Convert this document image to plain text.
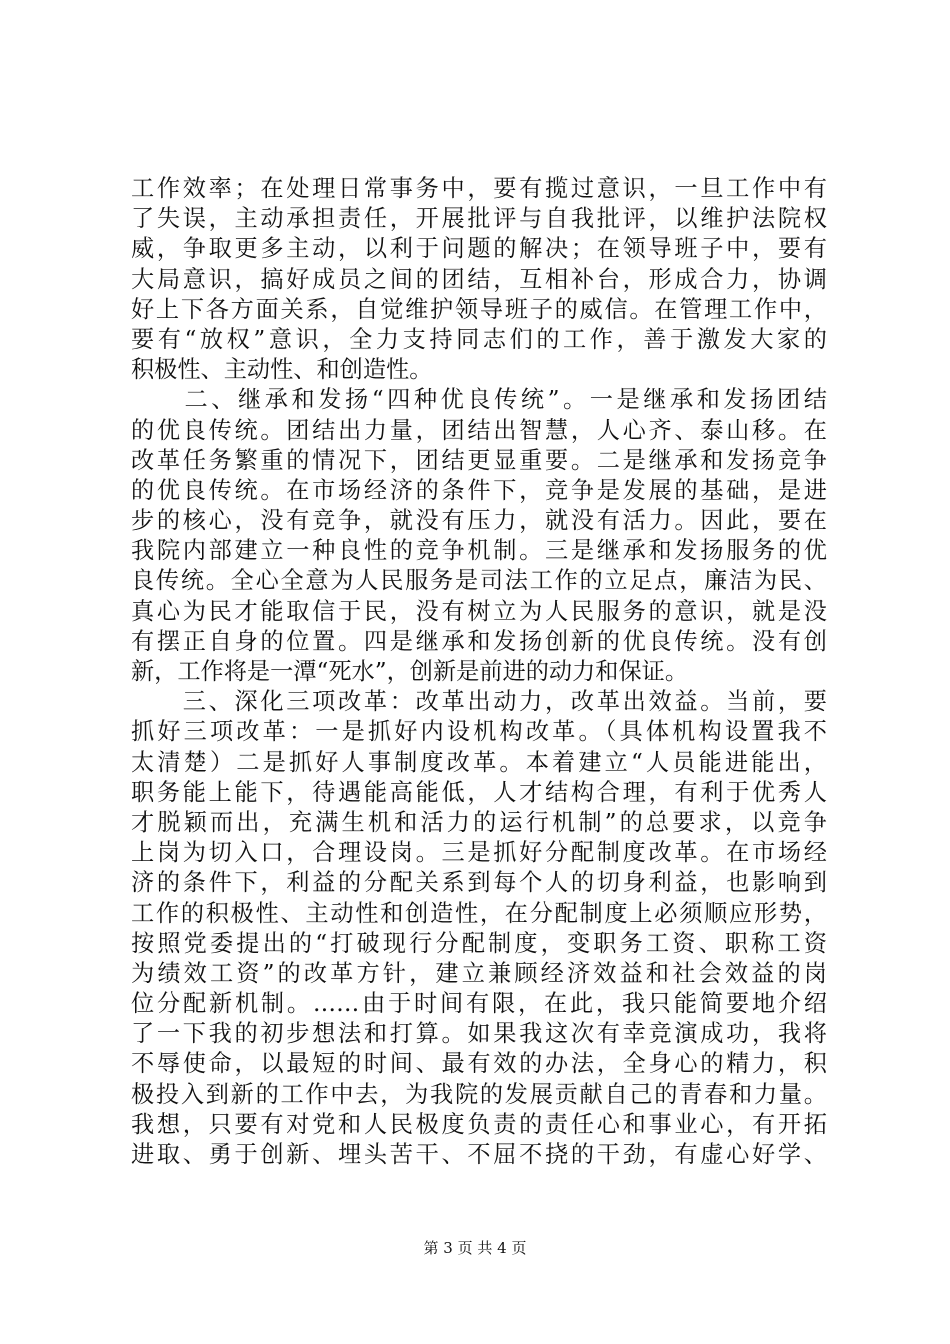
工作效率；在处理日常事务中，要有揽过意识，一旦工作中有
了失误，主动承担责任，开展批评与自我批评，以维护法院权
威，争取更多主动，以利于问题的解决；在领导班子中，要有
大局意识，搞好成员之间的团结，互相补台，形成合力，协调
好上下各方面关系，自觉维护领导班子的威信。在管理工作中，
要有“放权”意识，全力支持同志们的工作，善于激发大家的
积极性、主动性、和创造性。
　　二、继承和发扬“四种优良传统”。一是继承和发扬团结
的优良传统。团结出力量，团结出智慧，人心齐、泰山移。在
改革任务繁重的情况下，团结更显重要。二是继承和发扬竞争
的优良传统。在市场经济的条件下，竞争是发展的基础，是进
步的核心，没有竞争，就没有压力，就没有活力。因此，要在
我院内部建立一种良性的竞争机制。三是继承和发扬服务的优
良传统。全心全意为人民服务是司法工作的立足点，廉洁为民、
真心为民才能取信于民，没有树立为人民服务的意识，就是没
有摆正自身的位置。四是继承和发扬创新的优良传统。没有创
新，工作将是一潭“死水”，创新是前进的动力和保证。
　　三、深化三项改革：改革出动力，改革出效益。当前，要
抓好三项改革：一是抓好内设机构改革。（具体机构设置我不
太清楚）二是抓好人事制度改革。本着建立“人员能进能出，
职务能上能下，待遇能高能低，人才结构合理，有利于优秀人
才脱颖而出，充满生机和活力的运行机制”的总要求，以竞争
上岗为切入口，合理设岗。三是抓好分配制度改革。在市场经
济的条件下，利益的分配关系到每个人的切身利益，也影响到
工作的积极性、主动性和创造性，在分配制度上必须顺应形势，
按照党委提出的“打破现行分配制度，变职务工资、职称工资
为绩效工资”的改革方针，建立兼顾经济效益和社会效益的岗
位分配新机制。……由于时间有限，在此，我只能简要地介绍
了一下我的初步想法和打算。如果我这次有幸竞演成功，我将
不辱使命，以最短的时间、最有效的办法，全身心的精力，积
极投入到新的工作中去，为我院的发展贡献自己的青春和力量。
我想，只要有对党和人民极度负责的责任心和事业心，有开拓
进取、勇于创新、埋头苦干、不屈不挠的干劲，有虚心好学、
第 3 页 共 4 页
